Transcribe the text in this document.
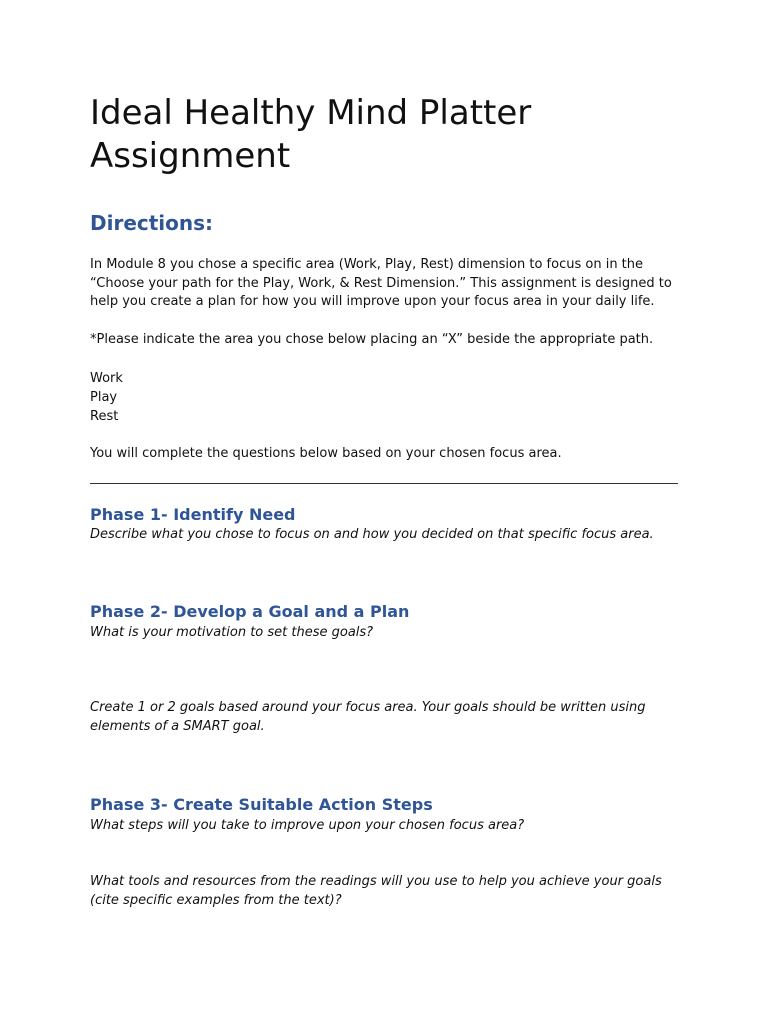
Ideal Healthy Mind Platter Assignment
Directions:

In Module 8 you chose a specific area (Work, Play, Rest) dimension to focus on in the “Choose your path for the Play, Work, & Rest Dimension.” This assignment is designed to help you create a plan for how you will improve upon your focus area in your daily life.

*Please indicate the area you chose below placing an “X” beside the appropriate path.

Work
Play
Rest

You will complete the questions below based on your chosen focus area.

Phase 1- Identify Need

Describe what you chose to focus on and how you decided on that specific focus area.

Phase 2- Develop a Goal and a Plan

What is your motivation to set these goals?

Create 1 or 2 goals based around your focus area. Your goals should be written using elements of a SMART goal.

Phase 3- Create Suitable Action Steps

What steps will you take to improve upon your chosen focus area?

What tools and resources from the readings will you use to help you achieve your goals (cite specific examples from the text)?
